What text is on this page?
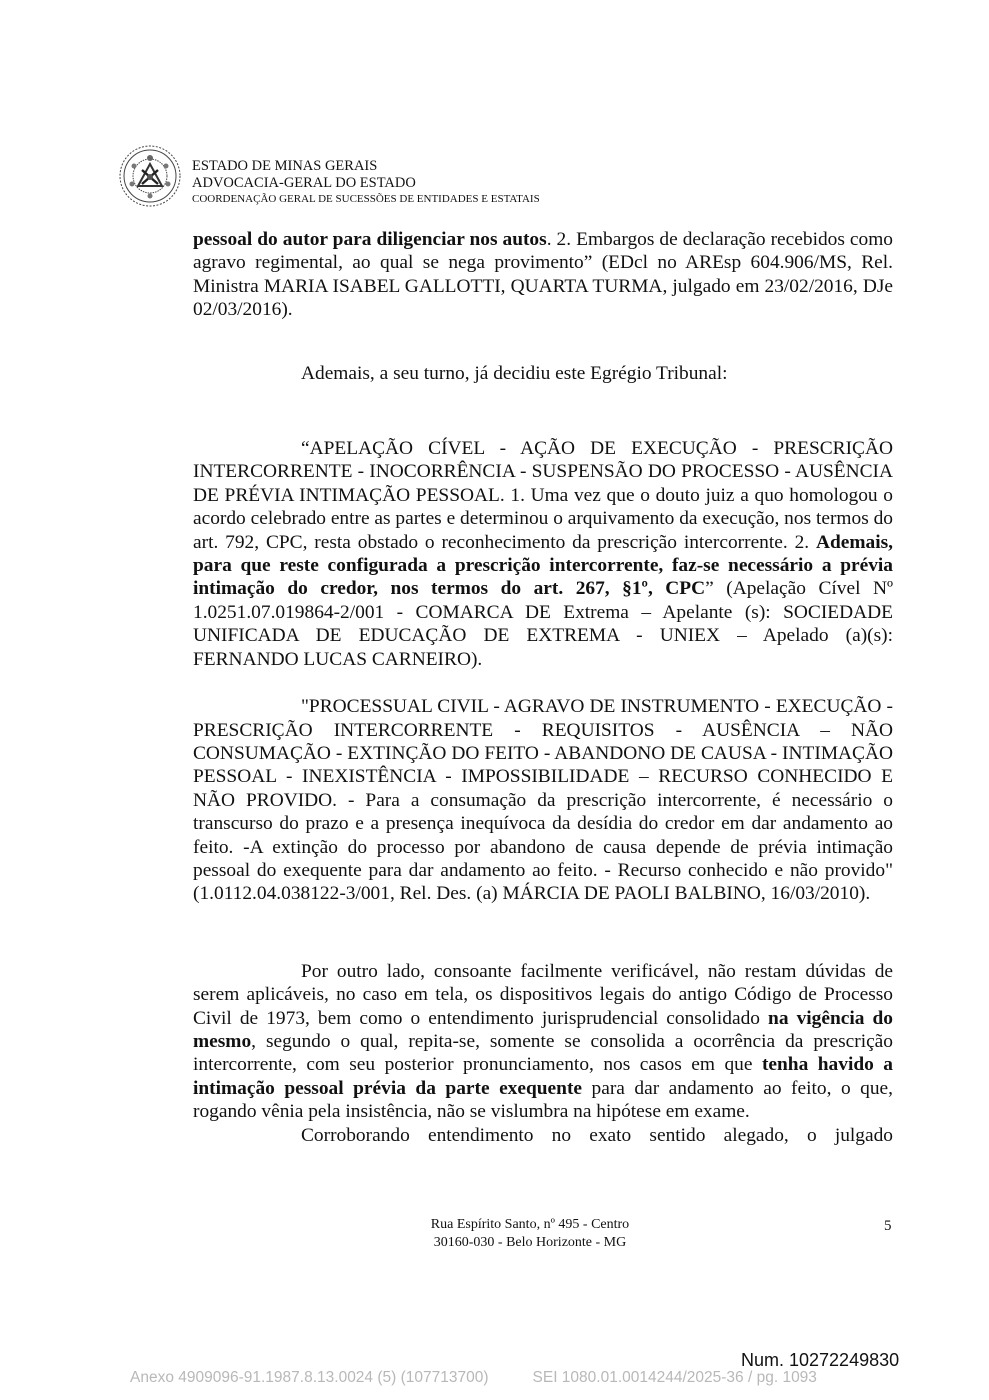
ESTADO DE MINAS GERAIS
ADVOCACIA-GERAL DO ESTADO
COORDENAÇÃO GERAL DE SUCESSÕES DE ENTIDADES E ESTATAIS

pessoal do autor para diligenciar nos autos. 2. Embargos de declaração recebidos como agravo regimental, ao qual se nega provimento” (EDcl no AREsp 604.906/MS, Rel. Ministra MARIA ISABEL GALLOTTI, QUARTA TURMA, julgado em 23/02/2016, DJe 02/03/2016).

Ademais, a seu turno, já decidiu este Egrégio Tribunal:

“APELAÇÃO CÍVEL - AÇÃO DE EXECUÇÃO - PRESCRIÇÃO INTERCORRENTE - INOCORRÊNCIA - SUSPENSÃO DO PROCESSO - AUSÊNCIA DE PRÉVIA INTIMAÇÃO PESSOAL. 1. Uma vez que o douto juiz a quo homologou o acordo celebrado entre as partes e determinou o arquivamento da execução, nos termos do art. 792, CPC, resta obstado o reconhecimento da prescrição intercorrente. 2. Ademais, para que reste configurada a prescrição intercorrente, faz-se necessário a prévia intimação do credor, nos termos do art. 267, §1º, CPC” (Apelação Cível Nº 1.0251.07.019864-2/001 - COMARCA DE Extrema – Apelante (s): SOCIEDADE UNIFICADA DE EDUCAÇÃO DE EXTREMA - UNIEX – Apelado (a)(s): FERNANDO LUCAS CARNEIRO).

"PROCESSUAL CIVIL - AGRAVO DE INSTRUMENTO - EXECUÇÃO - PRESCRIÇÃO INTERCORRENTE - REQUISITOS - AUSÊNCIA – NÃO CONSUMAÇÃO - EXTINÇÃO DO FEITO - ABANDONO DE CAUSA - INTIMAÇÃO PESSOAL - INEXISTÊNCIA - IMPOSSIBILIDADE – RECURSO CONHECIDO E NÃO PROVIDO. - Para a consumação da prescrição intercorrente, é necessário o transcurso do prazo e a presença inequívoca da desídia do credor em dar andamento ao feito. -A extinção do processo por abandono de causa depende de prévia intimação pessoal do exequente para dar andamento ao feito. - Recurso conhecido e não provido" (1.0112.04.038122-3/001, Rel. Des. (a) MÁRCIA DE PAOLI BALBINO, 16/03/2010).

Por outro lado, consoante facilmente verificável, não restam dúvidas de serem aplicáveis, no caso em tela, os dispositivos legais do antigo Código de Processo Civil de 1973, bem como o entendimento jurisprudencial consolidado na vigência do mesmo, segundo o qual, repita-se, somente se consolida a ocorrência da prescrição intercorrente, com seu posterior pronunciamento, nos casos em que tenha havido a intimação pessoal prévia da parte exequente para dar andamento ao feito, o que, rogando vênia pela insistência, não se vislumbra na hipótese em exame.

Corroborando entendimento no exato sentido alegado, o julgado

Rua Espírito Santo, nº 495 - Centro
30160-030 - Belo Horizonte - MG
5
Num. 10272249830
Anexo 4909096-91.1987.8.13.0024 (5) (107713700)	SEI 1080.01.0014244/2025-36 / pg. 1093
